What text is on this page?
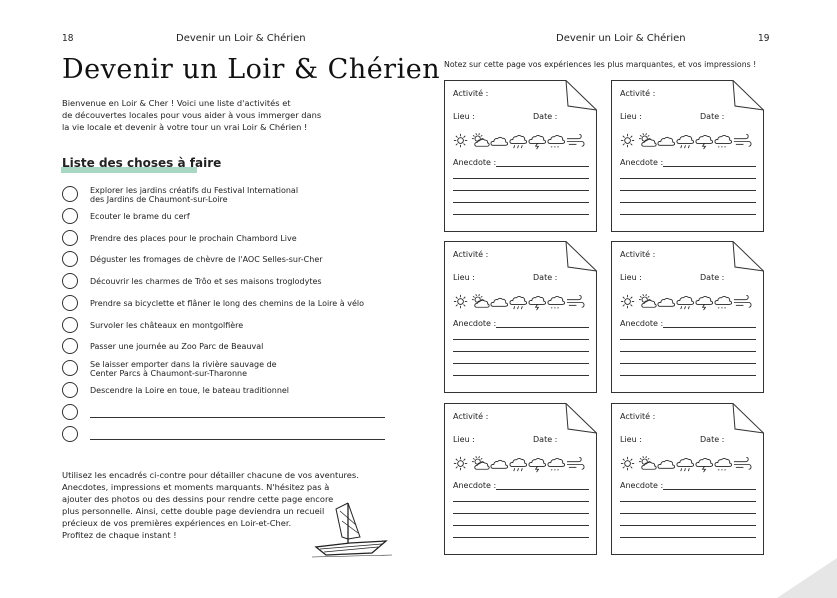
18	Devenir un Loir & Chérien	Devenir un Loir & Chérien	19
Devenir un Loir & Chérien
Bienvenue en Loir & Cher ! Voici une liste d'activités et
de découvertes locales pour vous aider à vous immerger dans
la vie locale et devenir à votre tour un vrai Loir & Chérien !
Liste des choses à faire
Explorer les jardins créatifs du Festival International
des Jardins de Chaumont-sur-Loire
Ecouter le brame du cerf
Prendre des places pour le prochain Chambord Live
Déguster les fromages de chèvre de l'AOC Selles-sur-Cher
Découvrir les charmes de Trôo et ses maisons troglodytes
Prendre sa bicyclette et flâner le long des chemins de la Loire à vélo
Survoler les châteaux en montgolfière
Passer une journée au Zoo Parc de Beauval
Se laisser emporter dans la rivière sauvage de
Center Parcs à Chaumont-sur-Tharonne
Descendre la Loire en toue, le bateau traditionnel
Utilisez les encadrés ci-contre pour détailler chacune de vos aventures.
Anecdotes, impressions et moments marquants. N'hésitez pas à
ajouter des photos ou des dessins pour rendre cette page encore
plus personnelle. Ainsi, cette double page deviendra un recueil
précieux de vos premières expériences en Loir-et-Cher.
Profitez de chaque instant !
Notez sur cette page vos expériences les plus marquantes, et vos impressions !
Activité :
Lieu :	Date :
* * *
Anecdote :
Activité :
Lieu :	Date :
* * *
Anecdote :
Activité :
Lieu :	Date :
* * *
Anecdote :
Activité :
Lieu :	Date :
* * *
Anecdote :
Activité :
Lieu :	Date :
* * *
Anecdote :
Activité :
Lieu :	Date :
* * *
Anecdote :
